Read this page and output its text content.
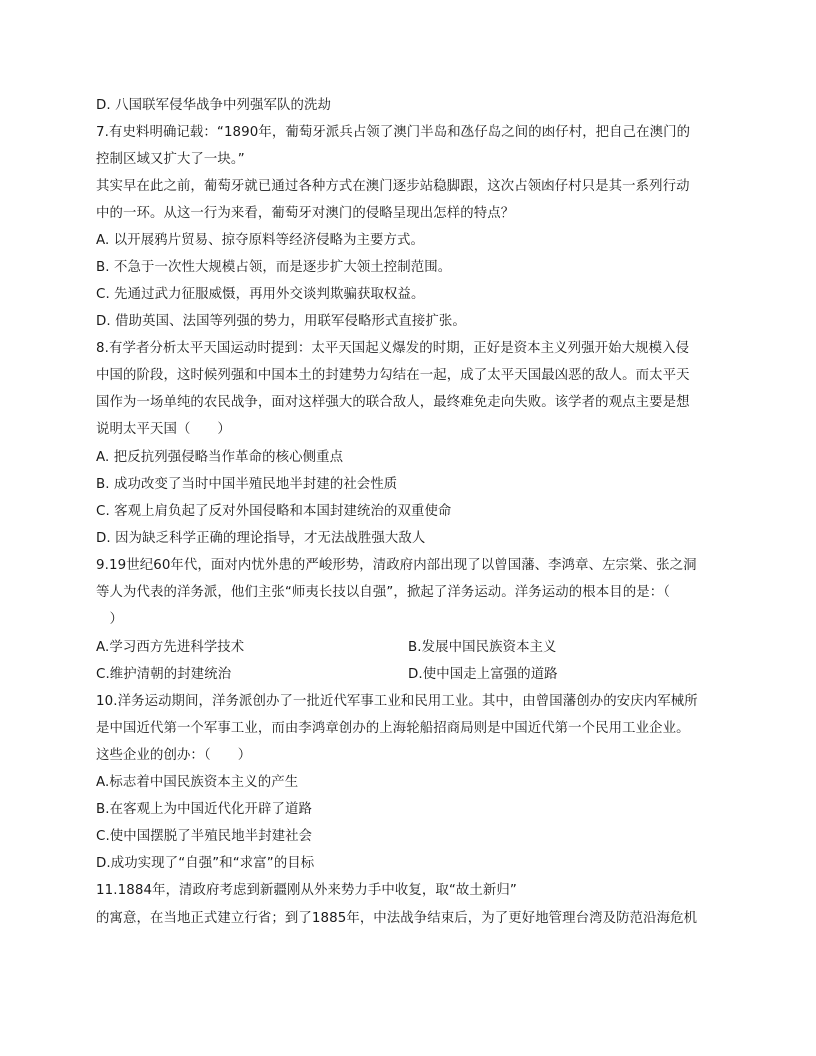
D. 八国联军侵华战争中列强军队的洗劫
7.有史料明确记载：“1890年，葡萄牙派兵占领了澳门半岛和氹仔岛之间的凼仔村，把自己在澳门的
控制区域又扩大了一块。”
其实早在此之前，葡萄牙就已通过各种方式在澳门逐步站稳脚跟，这次占领凼仔村只是其一系列行动
中的一环。从这一行为来看，葡萄牙对澳门的侵略呈现出怎样的特点？
A. 以开展鸦片贸易、掠夺原料等经济侵略为主要方式。
B. 不急于一次性大规模占领，而是逐步扩大领土控制范围。
C. 先通过武力征服威慑，再用外交谈判欺骗获取权益。
D. 借助英国、法国等列强的势力，用联军侵略形式直接扩张。
8.有学者分析太平天国运动时提到：太平天国起义爆发的时期，正好是资本主义列强开始大规模入侵
中国的阶段，这时候列强和中国本土的封建势力勾结在一起，成了太平天国最凶恶的敌人。而太平天
国作为一场单纯的农民战争，面对这样强大的联合敌人，最终难免走向失败。该学者的观点主要是想
说明太平天国（　　）
A. 把反抗列强侵略当作革命的核心侧重点
B. 成功改变了当时中国半殖民地半封建的社会性质
C. 客观上肩负起了反对外国侵略和本国封建统治的双重使命
D. 因为缺乏科学正确的理论指导，才无法战胜强大敌人
9.19世纪60年代，面对内忧外患的严峻形势，清政府内部出现了以曾国藩、李鸿章、左宗棠、张之洞
等人为代表的洋务派，他们主张“师夷长技以自强”，掀起了洋务运动。洋务运动的根本目的是：（
　）
A.学习西方先进科学技术	B.发展中国民族资本主义
C.维护清朝的封建统治	D.使中国走上富强的道路
10.洋务运动期间，洋务派创办了一批近代军事工业和民用工业。其中，由曾国藩创办的安庆内军械所
是中国近代第一个军事工业，而由李鸿章创办的上海轮船招商局则是中国近代第一个民用工业企业。
这些企业的创办：（　　）
A.标志着中国民族资本主义的产生
B.在客观上为中国近代化开辟了道路
C.使中国摆脱了半殖民地半封建社会
D.成功实现了“自强”和“求富”的目标
11.1884年，清政府考虑到新疆刚从外来势力手中收复，取“故土新归”
的寓意，在当地正式建立行省；到了1885年，中法战争结束后，为了更好地管理台湾及防范沿海危机
